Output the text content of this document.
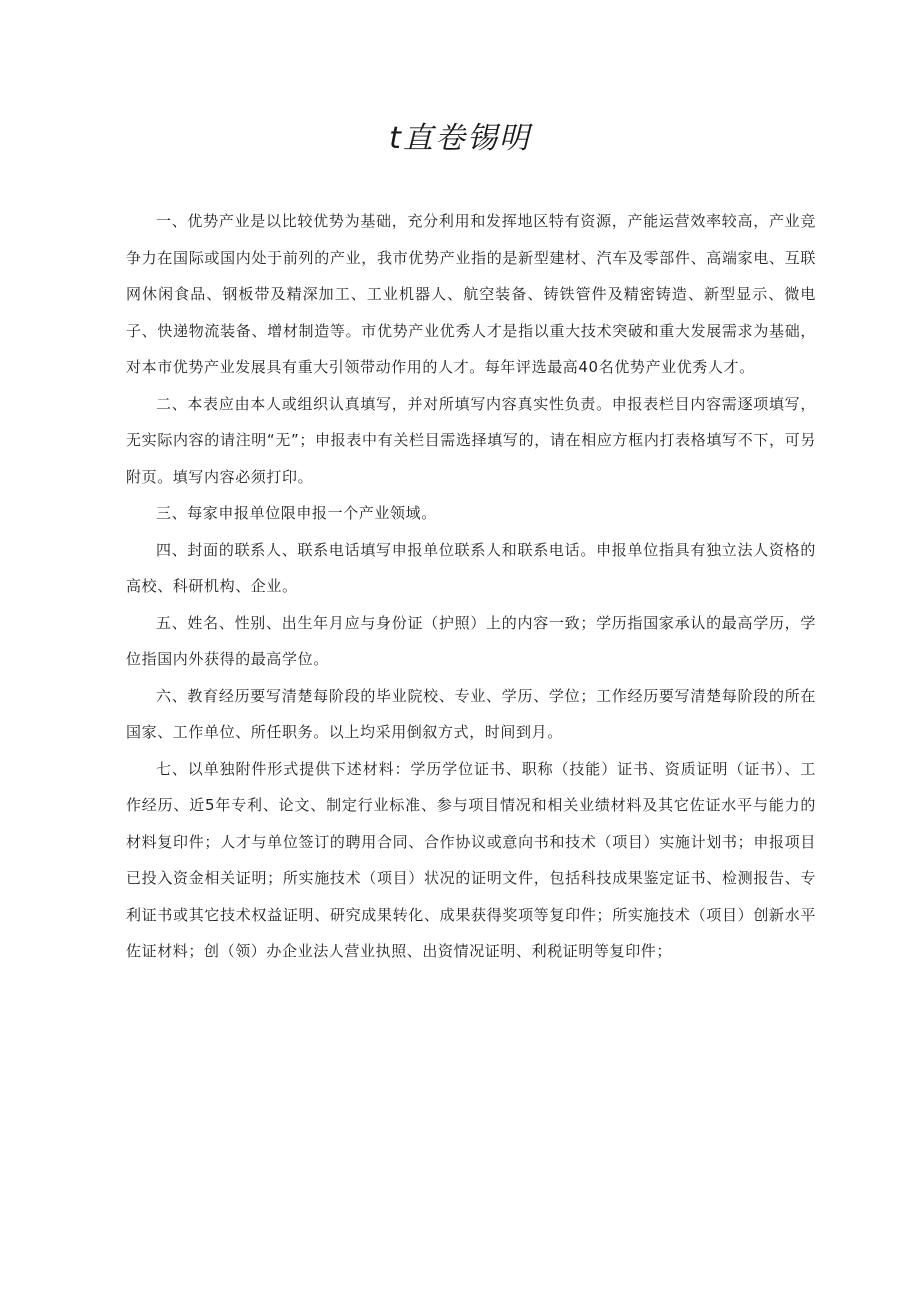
t直卷锡明

一、优势产业是以比较优势为基础，充分利用和发挥地区特有资源，产能运营效率较高，产业竞争力在国际或国内处于前列的产业，我市优势产业指的是新型建材、汽车及零部件、高端家电、互联网休闲食品、钢板带及精深加工、工业机器人、航空装备、铸铁管件及精密铸造、新型显示、微电子、快递物流装备、增材制造等。市优势产业优秀人才是指以重大技术突破和重大发展需求为基础，对本市优势产业发展具有重大引领带动作用的人才。每年评选最高40名优势产业优秀人才。

二、本表应由本人或组织认真填写，并对所填写内容真实性负责。申报表栏目内容需逐项填写，无实际内容的请注明“无”；申报表中有关栏目需选择填写的，请在相应方框内打表格填写不下，可另附页。填写内容必须打印。

三、每家申报单位限申报一个产业领域。

四、封面的联系人、联系电话填写申报单位联系人和联系电话。申报单位指具有独立法人资格的高校、科研机构、企业。

五、姓名、性别、出生年月应与身份证（护照）上的内容一致；学历指国家承认的最高学历，学位指国内外获得的最高学位。

六、教育经历要写清楚每阶段的毕业院校、专业、学历、学位；工作经历要写清楚每阶段的所在国家、工作单位、所任职务。以上均采用倒叙方式，时间到月。

七、以单独附件形式提供下述材料：学历学位证书、职称（技能）证书、资质证明（证书）、工作经历、近5年专利、论文、制定行业标准、参与项目情况和相关业绩材料及其它佐证水平与能力的材料复印件；人才与单位签订的聘用合同、合作协议或意向书和技术（项目）实施计划书；申报项目已投入资金相关证明；所实施技术（项目）状况的证明文件，包括科技成果鉴定证书、检测报告、专利证书或其它技术权益证明、研究成果转化、成果获得奖项等复印件；所实施技术（项目）创新水平佐证材料；创（领）办企业法人营业执照、出资情况证明、利税证明等复印件；
